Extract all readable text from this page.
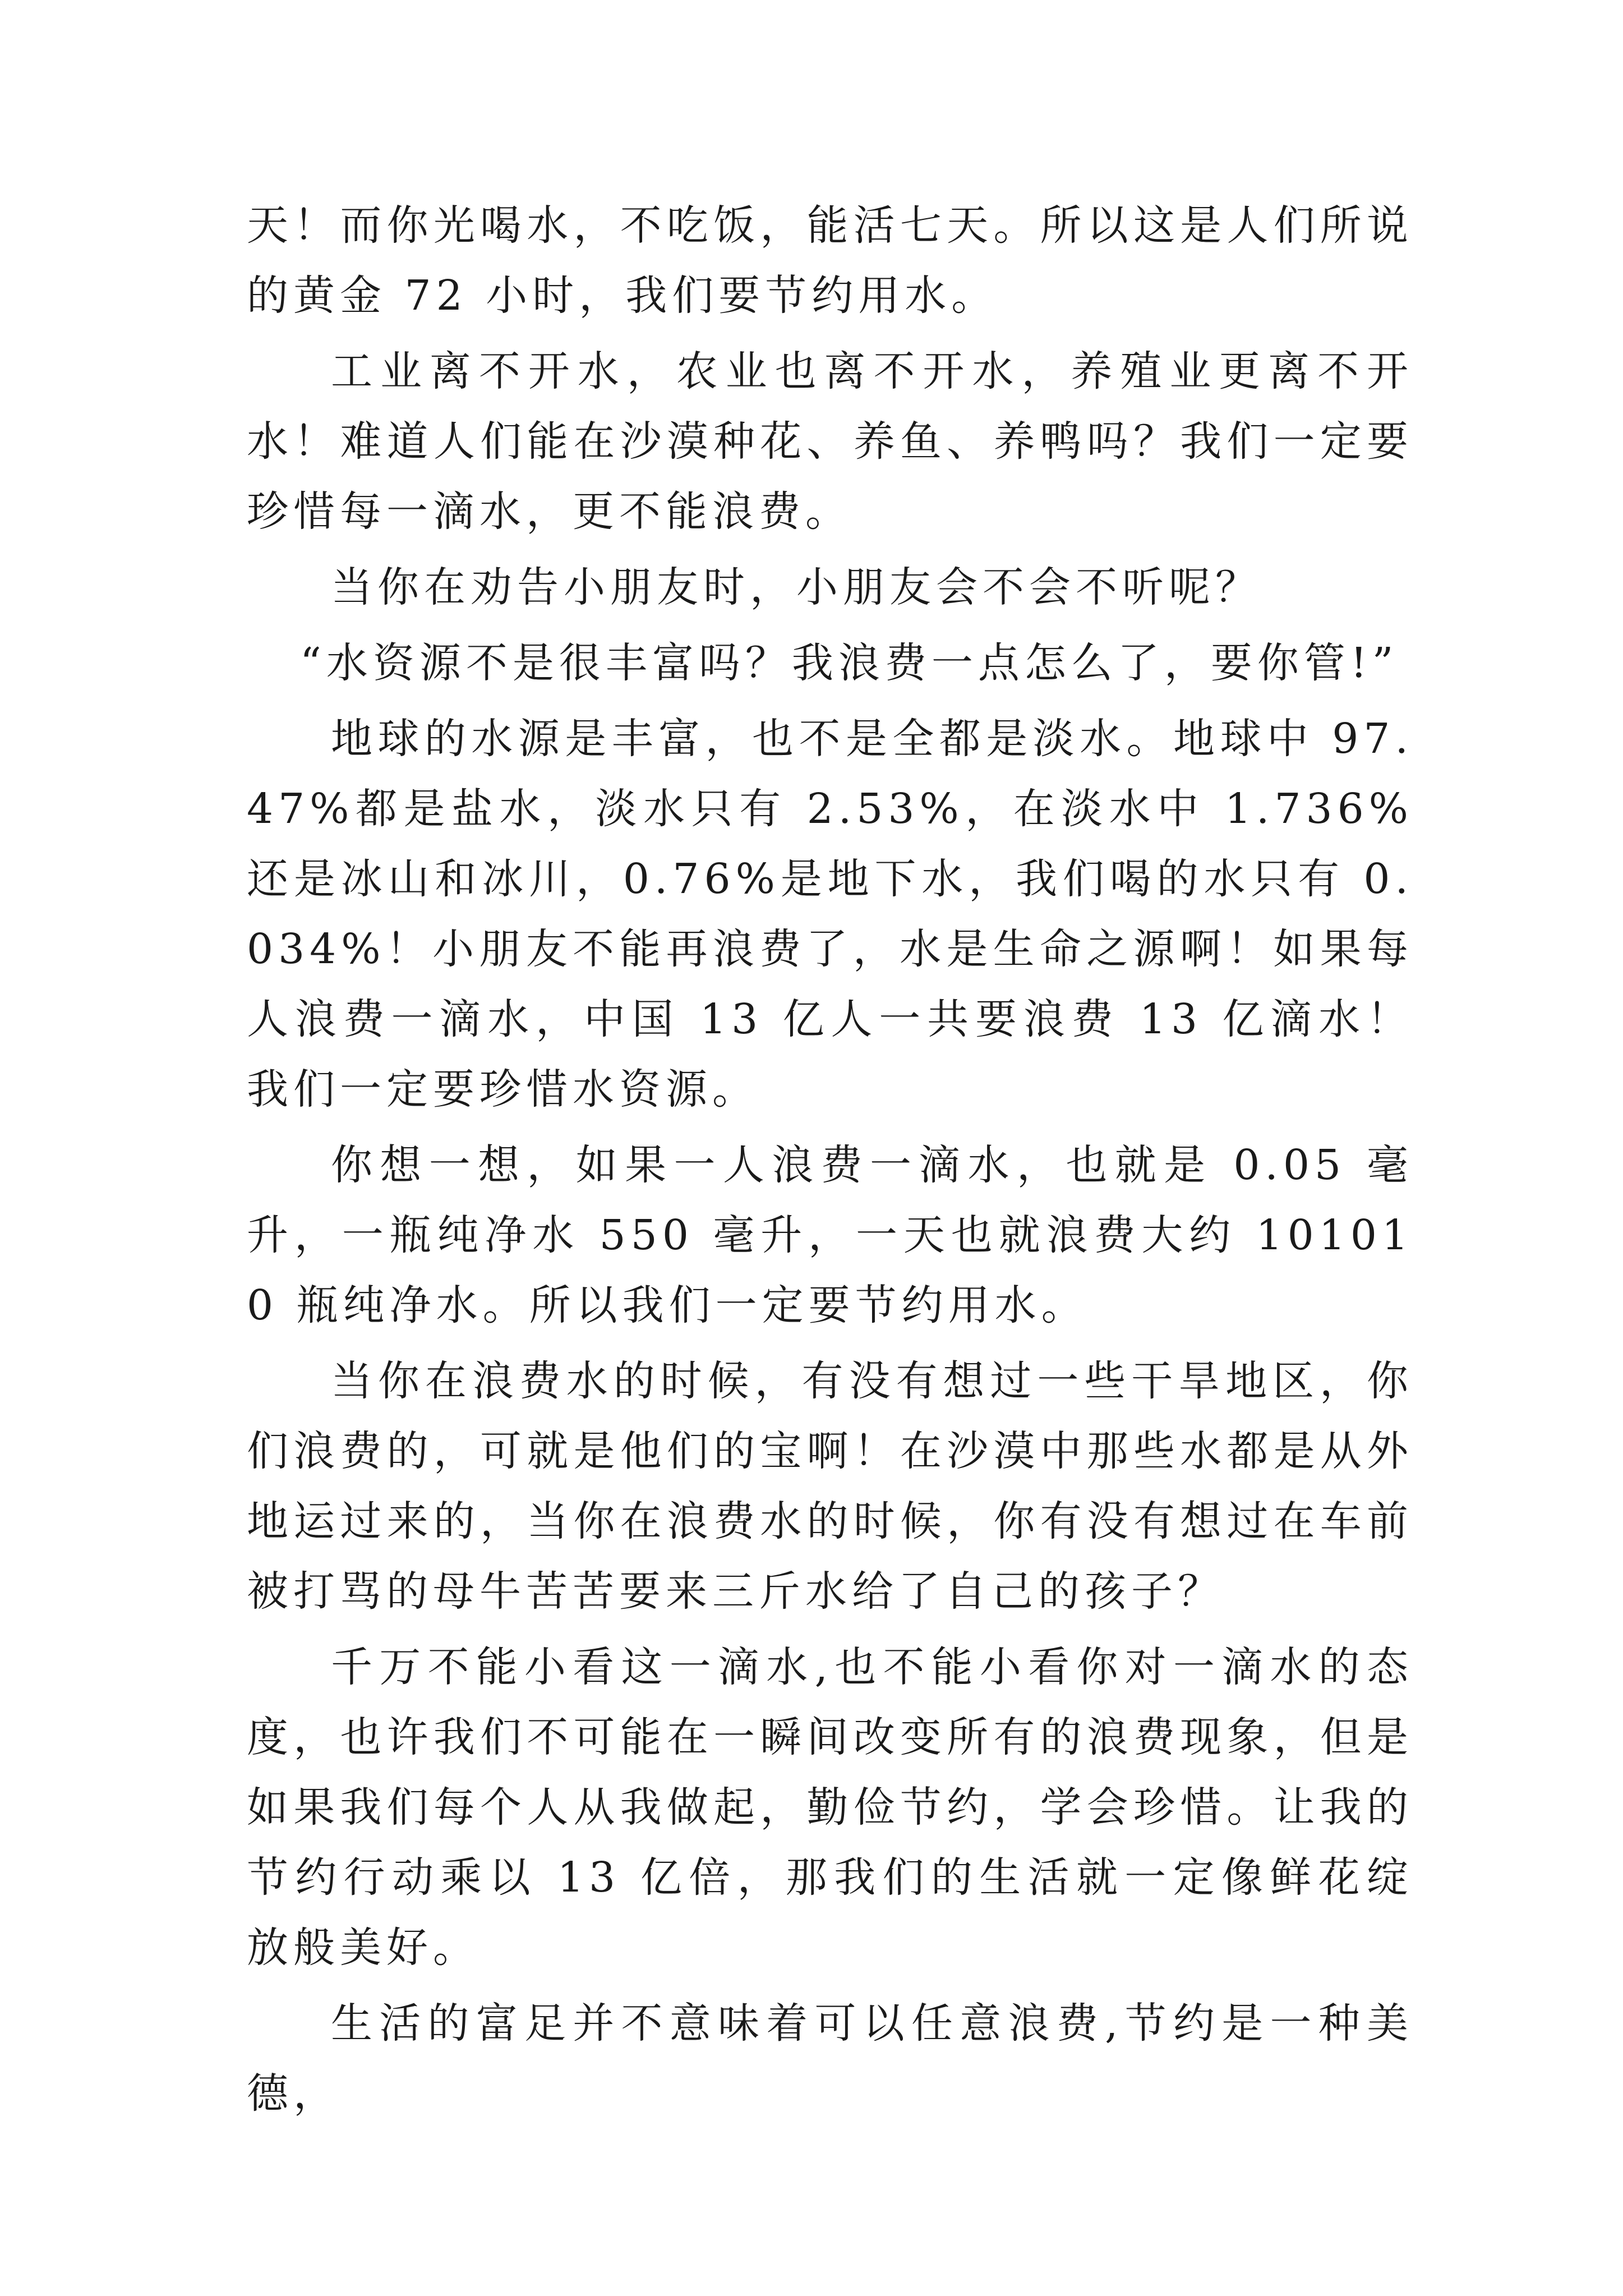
天！而你光喝水，不吃饭，能活七天。所以这是人们所说的黄金 72 小时，我们要节约用水。

工业离不开水，农业也离不开水，养殖业更离不开水！难道人们能在沙漠种花、养鱼、养鸭吗？我们一定要珍惜每一滴水，更不能浪费。

当你在劝告小朋友时，小朋友会不会不听呢？

“水资源不是很丰富吗？我浪费一点怎么了，要你管!”

地球的水源是丰富，也不是全都是淡水。地球中 97.47%都是盐水，淡水只有 2.53%，在淡水中 1.736%还是冰山和冰川，0.76%是地下水，我们喝的水只有 0.034%！小朋友不能再浪费了，水是生命之源啊！如果每人浪费一滴水，中国 13 亿人一共要浪费 13 亿滴水！我们一定要珍惜水资源。

你想一想，如果一人浪费一滴水，也就是 0.05 毫升，一瓶纯净水 550 毫升，一天也就浪费大约 101010 瓶纯净水。所以我们一定要节约用水。

当你在浪费水的时候，有没有想过一些干旱地区，你们浪费的，可就是他们的宝啊！在沙漠中那些水都是从外地运过来的，当你在浪费水的时候，你有没有想过在车前被打骂的母牛苦苦要来三斤水给了自己的孩子？

千万不能小看这一滴水,也不能小看你对一滴水的态度，也许我们不可能在一瞬间改变所有的浪费现象，但是如果我们每个人从我做起，勤俭节约，学会珍惜。让我的节约行动乘以 13 亿倍，那我们的生活就一定像鲜花绽放般美好。

生活的富足并不意味着可以任意浪费,节约是一种美德，
